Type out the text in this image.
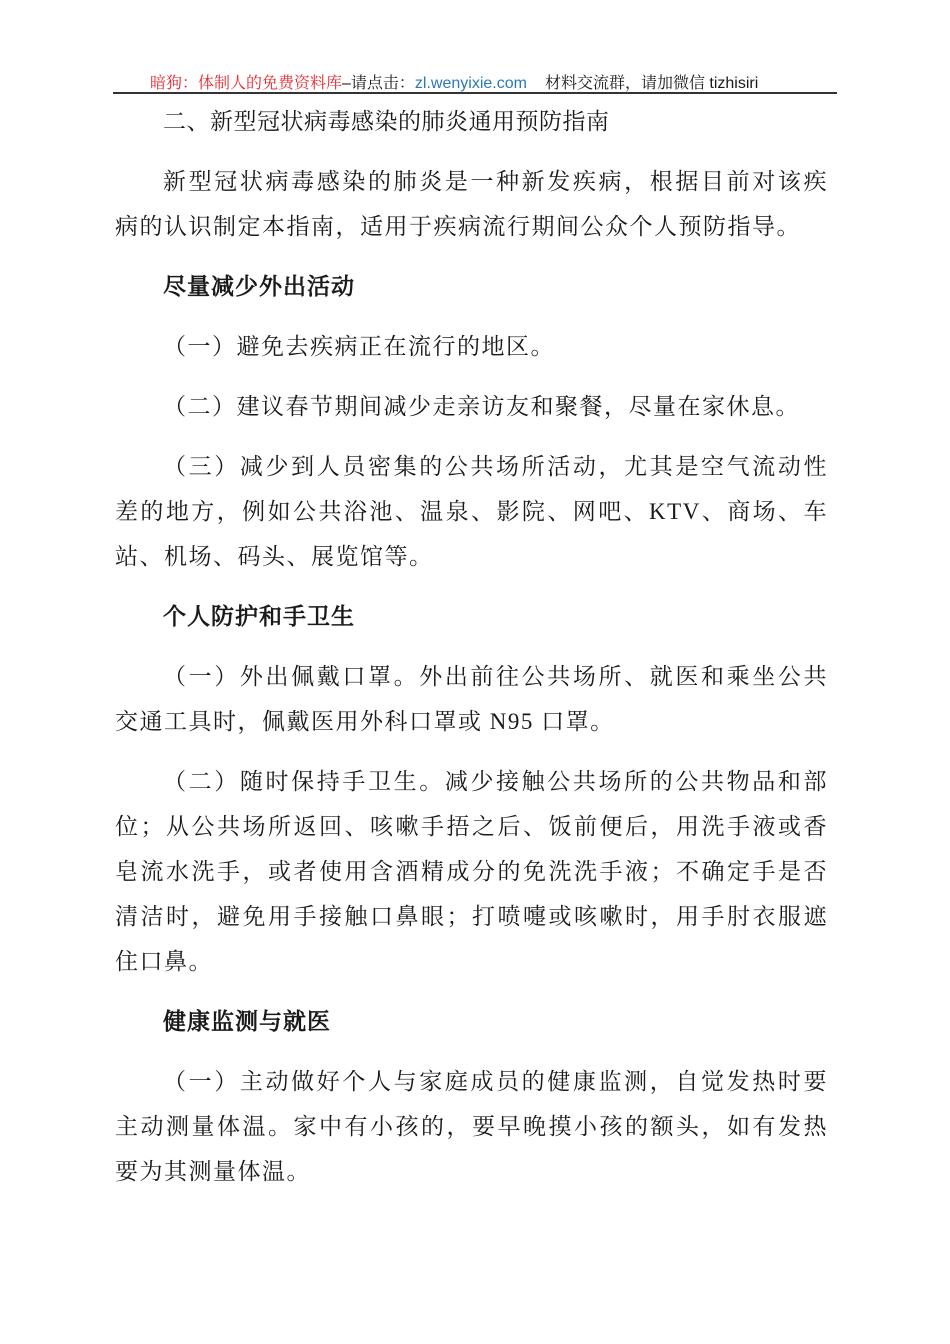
暗狗：体制人的免费资料库–请点击：zl.wenyixie.com 材料交流群，请加微信 tizhisiri
二、新型冠状病毒感染的肺炎通用预防指南
新型冠状病毒感染的肺炎是一种新发疾病，根据目前对该疾
病的认识制定本指南，适用于疾病流行期间公众个人预防指导。
尽量减少外出活动
（一）避免去疾病正在流行的地区。
（二）建议春节期间减少走亲访友和聚餐，尽量在家休息。
（三）减少到人员密集的公共场所活动，尤其是空气流动性
差的地方，例如公共浴池、温泉、影院、网吧、KTV、商场、车
站、机场、码头、展览馆等。
个人防护和手卫生
（一）外出佩戴口罩。外出前往公共场所、就医和乘坐公共
交通工具时，佩戴医用外科口罩或 N95 口罩。
（二）随时保持手卫生。减少接触公共场所的公共物品和部
位；从公共场所返回、咳嗽手捂之后、饭前便后，用洗手液或香
皂流水洗手，或者使用含酒精成分的免洗洗手液；不确定手是否
清洁时，避免用手接触口鼻眼；打喷嚏或咳嗽时，用手肘衣服遮
住口鼻。
健康监测与就医
（一）主动做好个人与家庭成员的健康监测，自觉发热时要
主动测量体温。家中有小孩的，要早晚摸小孩的额头，如有发热
要为其测量体温。
